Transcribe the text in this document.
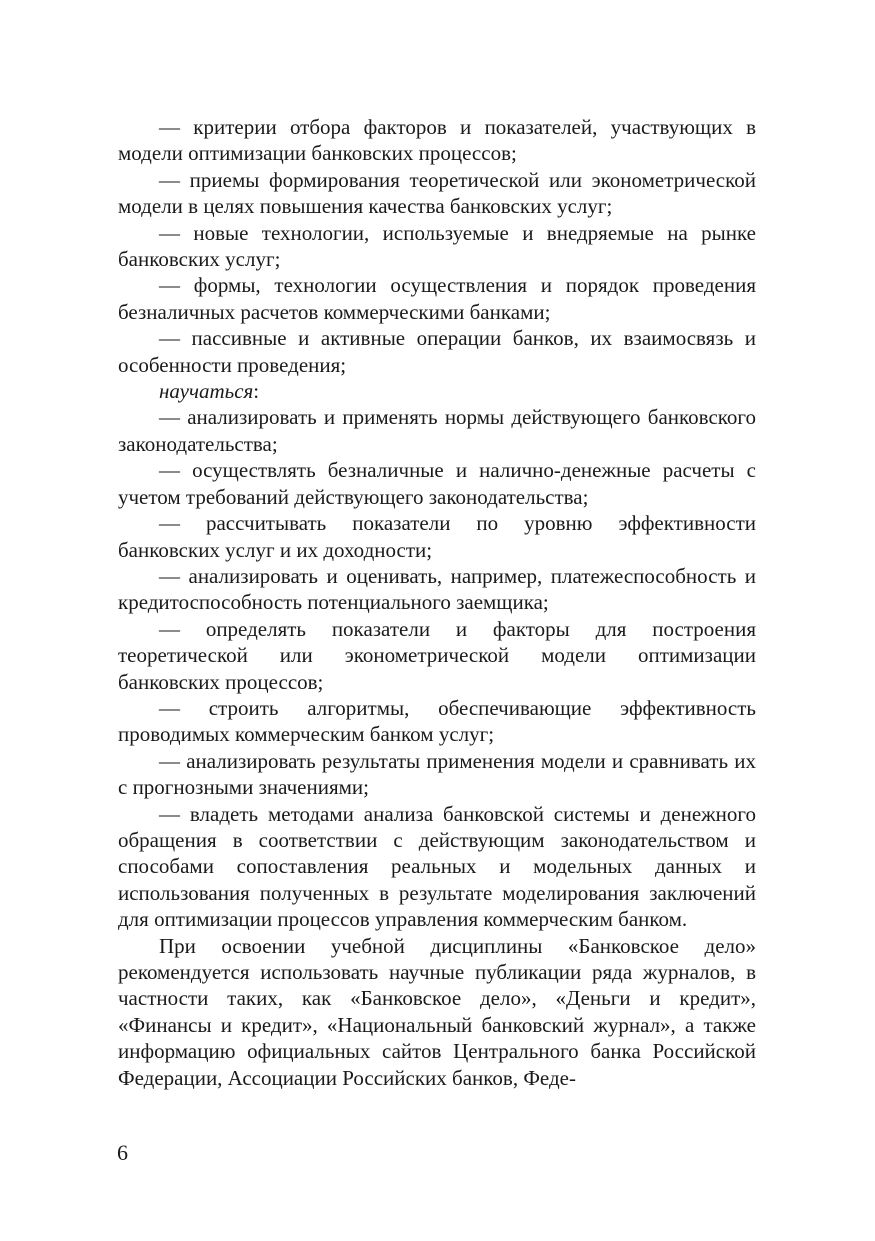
— критерии отбора факторов и показателей, участвующих в модели оптимизации банковских процессов;

— приемы формирования теоретической или эконометрической модели в целях повышения качества банковских услуг;

— новые технологии, используемые и внедряемые на рынке банковских услуг;

— формы, технологии осуществления и порядок проведения безналичных расчетов коммерческими банками;

— пассивные и активные операции банков, их взаимосвязь и особенности проведения;

научаться:

— анализировать и применять нормы действующего банковского законодательства;

— осуществлять безналичные и налично-денежные расчеты с учетом требований действующего законодательства;

— рассчитывать показатели по уровню эффективности банковских услуг и их доходности;

— анализировать и оценивать, например, платежеспособность и кредитоспособность потенциального заемщика;

— определять показатели и факторы для построения теоретической или эконометрической модели оптимизации банковских процессов;

— строить алгоритмы, обеспечивающие эффективность проводимых коммерческим банком услуг;

— анализировать результаты применения модели и сравнивать их с прогнозными значениями;

— владеть методами анализа банковской системы и денежного обращения в соответствии с действующим законодательством и способами сопоставления реальных и модельных данных и использования полученных в результате моделирования заключений для оптимизации процессов управления коммерческим банком.

При освоении учебной дисциплины «Банковское дело» рекомендуется использовать научные публикации ряда журналов, в частности таких, как «Банковское дело», «Деньги и кредит», «Финансы и кредит», «Национальный банковский журнал», а также информацию официальных сайтов Центрального банка Российской Федерации, Ассоциации Российских банков, Феде-

6
